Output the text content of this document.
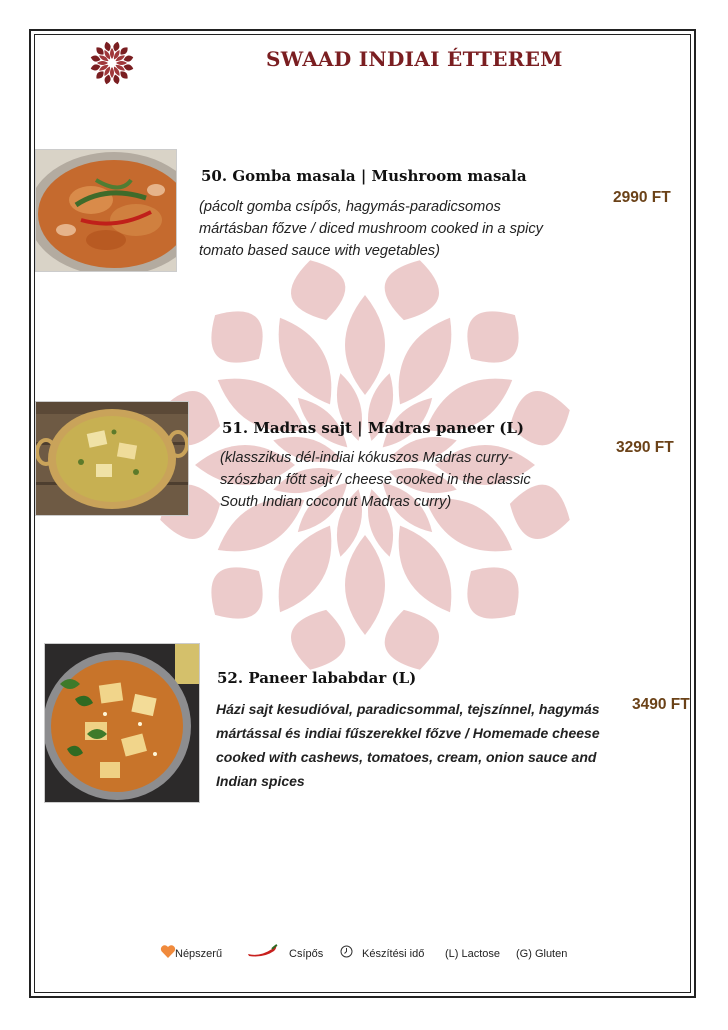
SWAAD INDIAI ÉTTEREM
50. Gomba masala | Mushroom masala

(pácolt gomba csípős, hagymás-paradicsomos mártásban főzve / diced mushroom cooked in a spicy tomato based sauce with vegetables)

2990 FT

51. Madras sajt | Madras paneer (L)

(klasszikus dél-indiai kókuszos Madras curry-szószban főtt sajt / cheese cooked in the classic South Indian coconut Madras curry)

3290 FT

52. Paneer lababdar (L)

Házi sajt kesudióval, paradicsommal, tejszínnel, hagymás mártással és indiai fűszerekkel főzve / Homemade cheese cooked with cashews, tomatoes, cream, onion sauce and Indian spices

3490 FT

Népszerű	Csípős	Készítési idő (L) Lactose (G) Gluten
